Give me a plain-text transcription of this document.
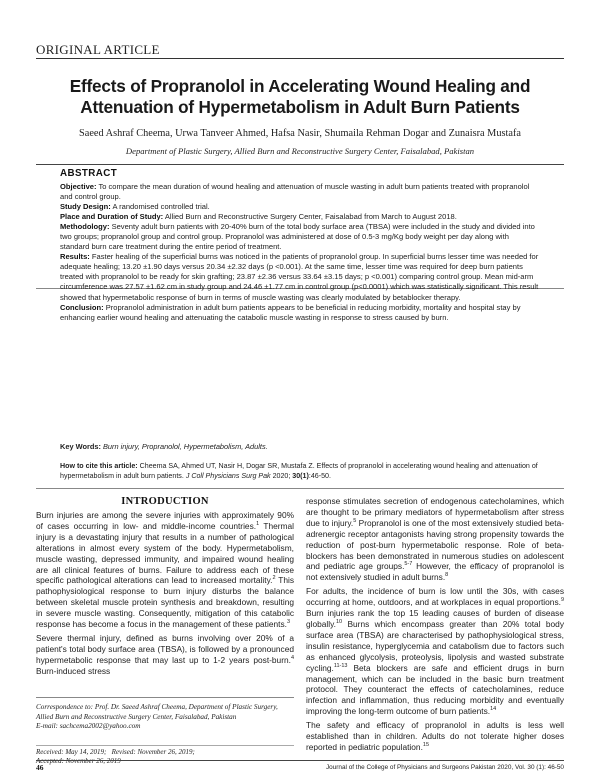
ORIGINAL ARTICLE
Effects of Propranolol in Accelerating Wound Healing and
Attenuation of Hypermetabolism in Adult Burn Patients
Saeed Ashraf Cheema, Urwa Tanveer Ahmed, Hafsa Nasir, Shumaila Rehman Dogar and Zunaisra Mustafa
Department of Plastic Surgery, Allied Burn and Reconstructive Surgery Center, Faisalabad, Pakistan
ABSTRACT

Objective: To compare the mean duration of wound healing and attenuation of muscle wasting in adult burn patients treated with propranolol and control group.

Study Design: A randomised controlled trial.

Place and Duration of Study: Allied Burn and Reconstructive Surgery Center, Faisalabad from March to August 2018.

Methodology: Seventy adult burn patients with 20-40% burn of the total body surface area (TBSA) were included in the study and divided into two groups; propranolol group and control group. Propranolol was administered at dose of 0.5-3 mg/Kg body weight per day along with standard burn care treatment during the entire period of treatment.

Results: Faster healing of the superficial burns was noticed in the patients of propranolol group. In superficial burns lesser time was needed for adequate healing; 13.20 ±1.90 days versus 20.34 ±2.32 days (p <0.001). At the same time, lesser time was required for deep burn patients treated with propranolol to be ready for skin grafting; 23.87 ±2.36 versus 33.64 ±3.15 days; p <0.001) comparing control group. Mean mid-arm circumference was 27.57 ±1.62 cm in study group and 24.46 ±1.77 cm in control group (p<0.0001) which was statistically significant. This result showed that hypermetabolic response of burn in terms of muscle wasting was clearly modulated by betablocker therapy.

Conclusion: Propranolol administration in adult burn patients appears to be beneficial in reducing morbidity, mortality and hospital stay by enhancing earlier wound healing and attenuating the catabolic muscle wasting in response to stress caused by burn.

Key Words: Burn injury, Propranolol, Hypermetabolism, Adults.
How to cite this article: Cheema SA, Ahmed UT, Nasir H, Dogar SR, Mustafa Z. Effects of propranolol in accelerating wound healing and attenuation of hypermetabolism in adult burn patients. J Coll Physicians Surg Pak 2020; 30(1):46-50.
INTRODUCTION

Burn injuries are among the severe injuries with approximately 90% of cases occurring in low- and middle-income countries.$^1$ Thermal injury is a devastating injury that results in a number of pathological alterations in almost every system of the body. Hypermetabolism, muscle wasting, depressed immunity, and impaired wound healing are all clinical features of burns. Failure to address each of these specific pathological alterations can lead to increased mortality.$^2$ This pathophysiological response to burn injury disturbs the balance between skeletal muscle protein synthesis and breakdown, resulting in severe muscle wasting. Consequently, mitigation of this catabolic response has become a focus in the management of these patients.$^3$

Severe thermal injury, defined as burns involving over 20% of a patient's total body surface area (TBSA), is followed by a pronounced hypermetabolic response that may last up to 1-2 years post-burn.$^4$ Burn-induced stress

response stimulates secretion of endogenous catecholamines, which are thought to be primary mediators of hypermetabolism after stress due to injury.$^5$ Propranolol is one of the most extensively studied beta-adrenergic receptor antagonists having strong propensity towards the reduction of post-burn hypermetabolic response. Role of beta-blockers has been demonstrated in numerous studies on adolescent and pediatric age groups.$^{5-7}$ However, the efficacy of propranolol is not extensively studied in adult burns.$^8$

For adults, the incidence of burn is low until the 30s, with cases occurring at home, outdoors, and at workplaces in equal proportions.$^9$ Burn injuries rank the top 15 leading causes of burden of disease globally.$^{10}$ Burns which encompass greater than 20% total body surface area (TBSA) are characterised by pathophysiological stress, insulin resistance, hyperglycemia and catabolism due to factors such as enhanced glycolysis, proteolysis, lipolysis and wasted substrate cycling.$^{11-13}$ Beta blockers are safe and efficient drugs in burn management, which can be included in the basic burn treatment protocol. They counteract the effects of catecholamines, reduce infection and inflammation, thus reducing morbidity and eventually improving the long-term outcome of burn patients.$^{14}$

The safety and efficacy of propranolol in adults is less well established than in children. Adults do not tolerate higher doses reported in pediatric population.$^{15}$

Correspondence to: Prof. Dr. Saeed Ashraf Cheema, Department of Plastic Surgery, Allied Burn and Reconstructive Surgery Center, Faisalabad, Pakistan
E-mail: sachcema2002@yahoo.com
Received: May 14, 2019; Revised: November 26, 2019;
Accepted: November 26, 2019
46	Journal of the College of Physicians and Surgeons Pakistan 2020, Vol. 30 (1): 46-50
